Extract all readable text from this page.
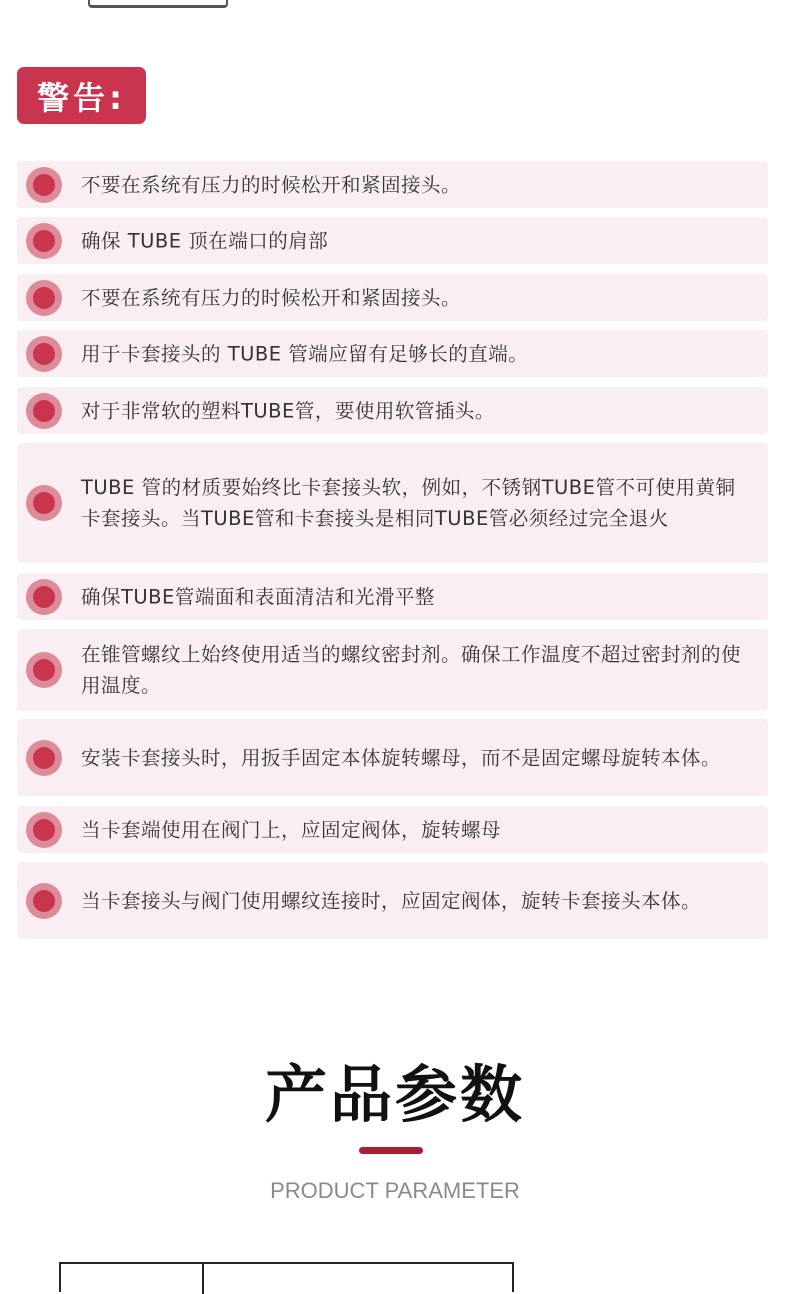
警告:
不要在系统有压力的时候松开和紧固接头。
确保 TUBE 顶在端口的肩部
不要在系统有压力的时候松开和紧固接头。
用于卡套接头的 TUBE 管端应留有足够长的直端。
对于非常软的塑料TUBE管，要使用软管插头。
TUBE 管的材质要始终比卡套接头软，例如，不锈钢TUBE管不可使用黄铜卡套接头。当TUBE管和卡套接头是相同TUBE管必须经过完全退火
确保TUBE管端面和表面清洁和光滑平整
在锥管螺纹上始终使用适当的螺纹密封剂。确保工作温度不超过密封剂的使用温度。
安装卡套接头时，用扳手固定本体旋转螺母，而不是固定螺母旋转本体。
当卡套端使用在阀门上，应固定阀体，旋转螺母
当卡套接头与阀门使用螺纹连接时，应固定阀体，旋转卡套接头本体。
产品参数
PRODUCT PARAMETER
